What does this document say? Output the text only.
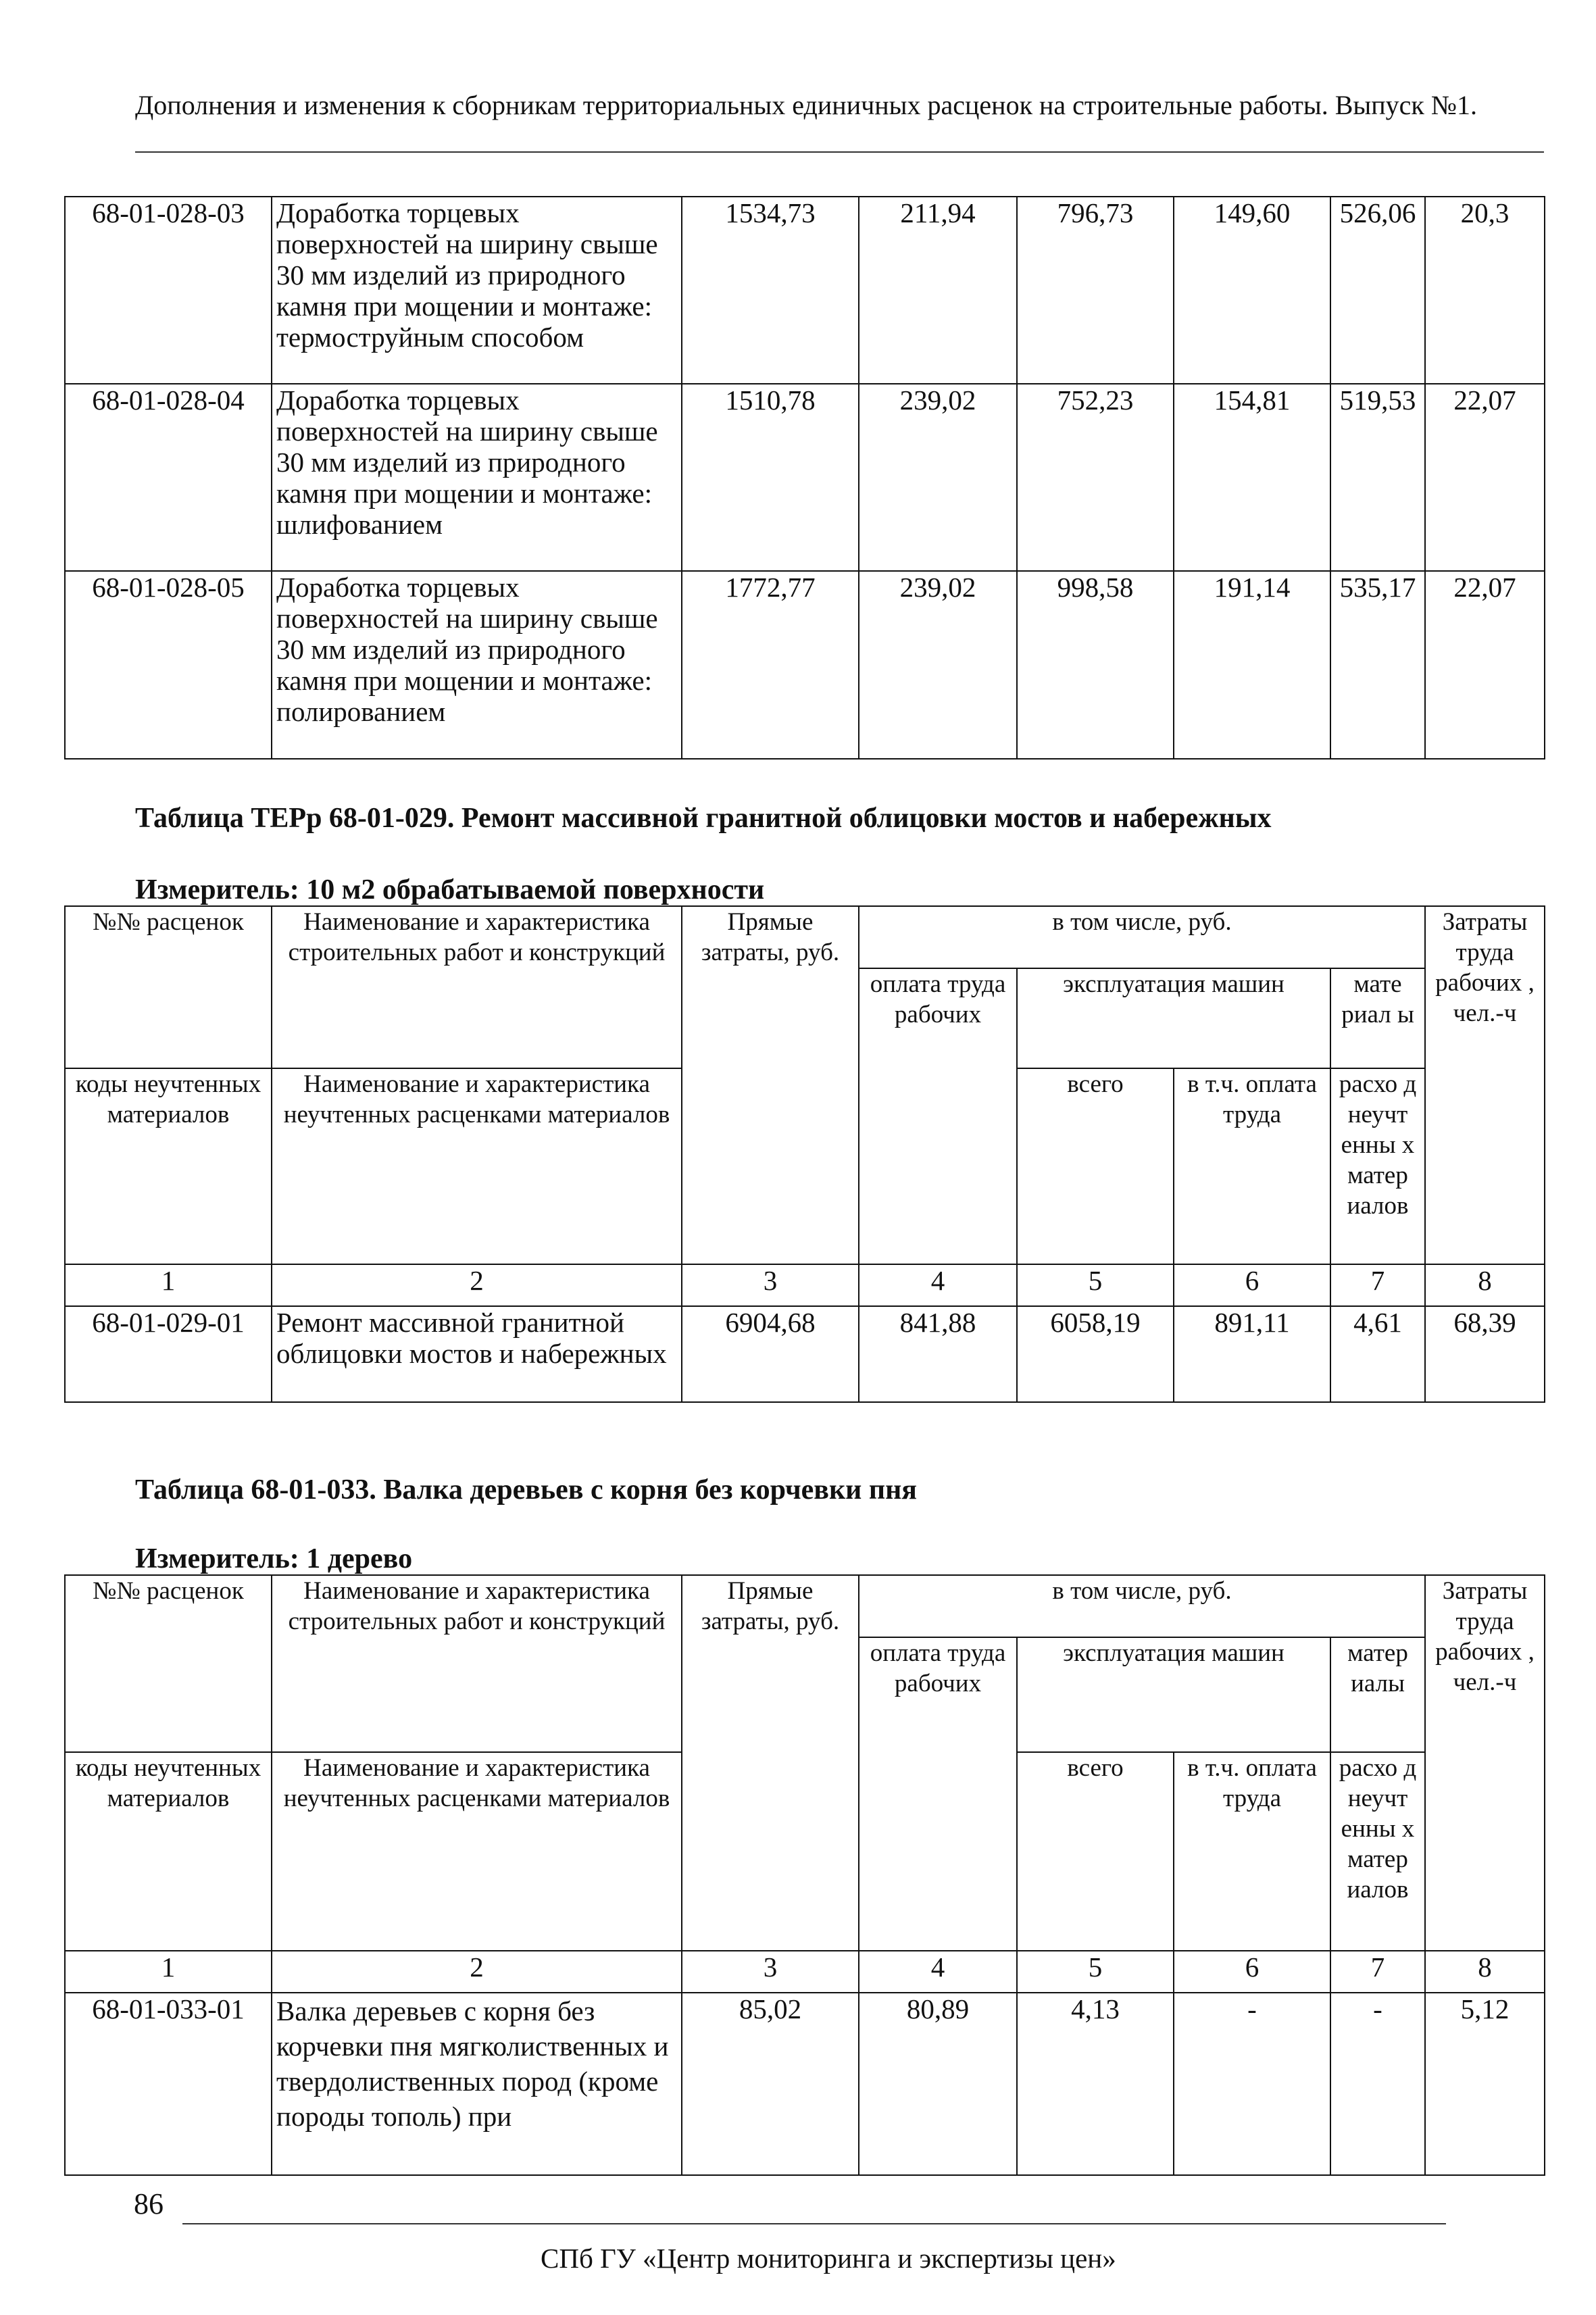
Дополнения и изменения к сборникам территориальных единичных расценок на строительные работы. Выпуск №1.
68-01-028-03	Доработка торцевых поверхностей на ширину свыше 30 мм изделий из природного камня при мощении и монтаже: термоструйным способом	1534,73	211,94	796,73	149,60	526,06	20,3
68-01-028-04	Доработка торцевых поверхностей на ширину свыше 30 мм изделий из природного камня при мощении и монтаже: шлифованием	1510,78	239,02	752,23	154,81	519,53	22,07
68-01-028-05	Доработка торцевых поверхностей на ширину свыше 30 мм изделий из природного камня при мощении и монтаже: полированием	1772,77	239,02	998,58	191,14	535,17	22,07
Таблица ТЕРр 68-01-029. Ремонт массивной гранитной облицовки мостов и набережных
Измеритель: 10 м2 обрабатываемой поверхности
№№ расценок	Наименование и характеристика строительных работ и конструкций	Прямые затраты, руб.	в том числе, руб.				Затраты труда рабочих , чел.-ч
			оплата труда рабочих	эксплуатация машин		мате риал ы	
коды неучтенных материалов	Наименование и характеристика неучтенных расценками материалов			всего	в т.ч. оплата труда	расхо д неучт енны х матер иалов	

1	2	3	4	5	6	7	8
68-01-029-01	Ремонт массивной гранитной облицовки мостов и набережных	6904,68	841,88	6058,19	891,11	4,61	68,39
Таблица 68-01-033. Валка деревьев с корня без корчевки пня
Измеритель: 1 дерево
№№ расценок	Наименование и характеристика строительных работ и конструкций	Прямые затраты, руб.	в том числе, руб.				Затраты труда рабочих , чел.-ч
			оплата труда рабочих	эксплуатация машин		матер иалы	
коды неучтенных материалов	Наименование и характеристика неучтенных расценками материалов			всего	в т.ч. оплата труда	расхо д неучт енны х матер иалов	

1	2	3	4	5	6	7	8
68-01-033-01	Валка деревьев с корня без корчевки пня мягколиственных и твердолиственных пород (кроме породы тополь) при	85,02	80,89	4,13	-	-	5,12
86
СПб ГУ «Центр мониторинга и экспертизы цен»
